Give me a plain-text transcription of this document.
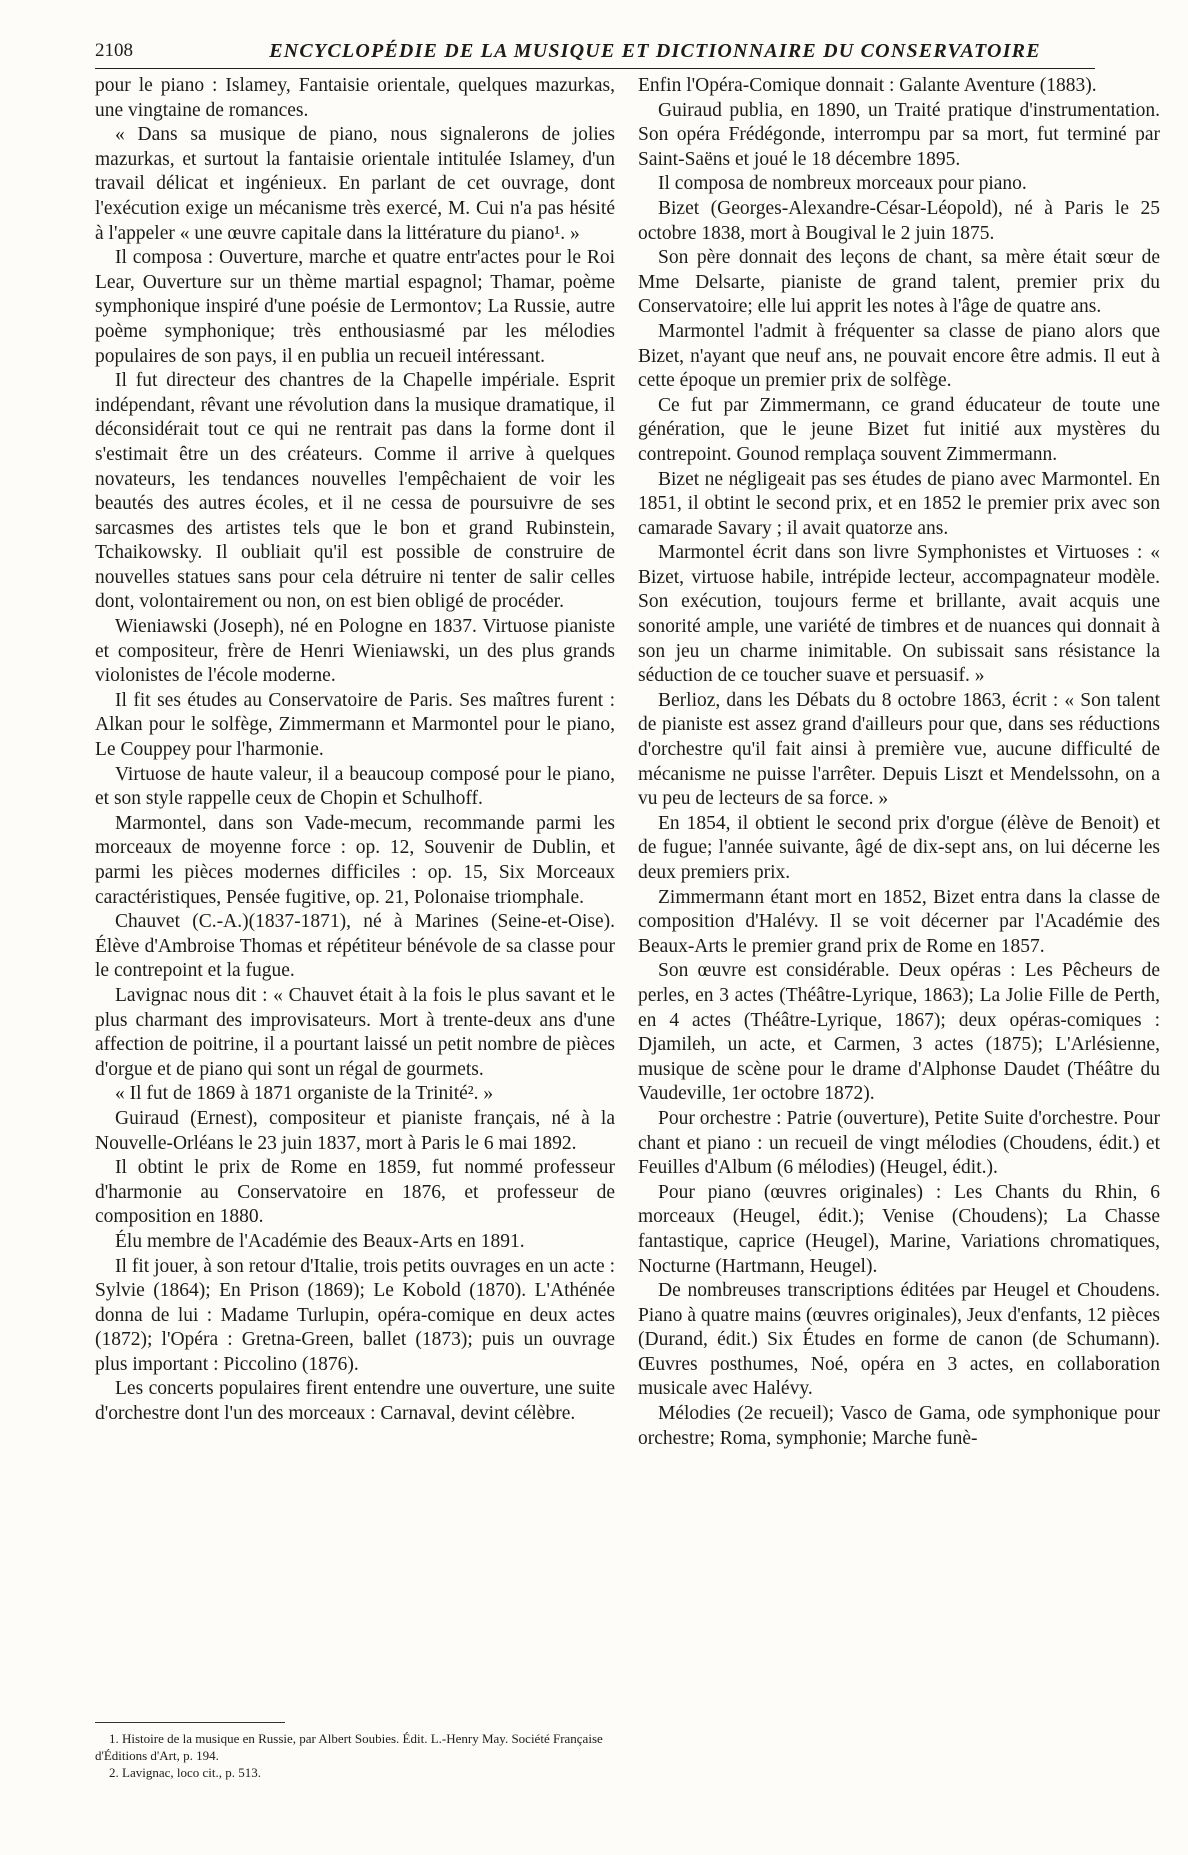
2108	ENCYCLOPÉDIE DE LA MUSIQUE ET DICTIONNAIRE DU CONSERVATOIRE

pour le piano : Islamey, Fantaisie orientale, quelques mazurkas, une vingtaine de romances.

« Dans sa musique de piano, nous signalerons de jolies mazurkas, et surtout la fantaisie orientale intitulée Islamey, d'un travail délicat et ingénieux. En parlant de cet ouvrage, dont l'exécution exige un mécanisme très exercé, M. Cui n'a pas hésité à l'appeler « une œuvre capitale dans la littérature du piano¹. »

Il composa : Ouverture, marche et quatre entr'actes pour le Roi Lear, Ouverture sur un thème martial espagnol; Thamar, poème symphonique inspiré d'une poésie de Lermontov; La Russie, autre poème symphonique; très enthousiasmé par les mélodies populaires de son pays, il en publia un recueil intéressant.

Il fut directeur des chantres de la Chapelle impériale. Esprit indépendant, rêvant une révolution dans la musique dramatique, il déconsidérait tout ce qui ne rentrait pas dans la forme dont il s'estimait être un des créateurs. Comme il arrive à quelques novateurs, les tendances nouvelles l'empêchaient de voir les beautés des autres écoles, et il ne cessa de poursuivre de ses sarcasmes des artistes tels que le bon et grand Rubinstein, Tchaikowsky. Il oubliait qu'il est possible de construire de nouvelles statues sans pour cela détruire ni tenter de salir celles dont, volontairement ou non, on est bien obligé de procéder.

Wieniawski (Joseph), né en Pologne en 1837. Virtuose pianiste et compositeur, frère de Henri Wieniawski, un des plus grands violonistes de l'école moderne.

Il fit ses études au Conservatoire de Paris. Ses maîtres furent : Alkan pour le solfège, Zimmermann et Marmontel pour le piano, Le Couppey pour l'harmonie.

Virtuose de haute valeur, il a beaucoup composé pour le piano, et son style rappelle ceux de Chopin et Schulhoff.

Marmontel, dans son Vade-mecum, recommande parmi les morceaux de moyenne force : op. 12, Souvenir de Dublin, et parmi les pièces modernes difficiles : op. 15, Six Morceaux caractéristiques, Pensée fugitive, op. 21, Polonaise triomphale.

Chauvet (C.-A.)(1837-1871), né à Marines (Seine-et-Oise). Élève d'Ambroise Thomas et répétiteur bénévole de sa classe pour le contrepoint et la fugue.

Lavignac nous dit : « Chauvet était à la fois le plus savant et le plus charmant des improvisateurs. Mort à trente-deux ans d'une affection de poitrine, il a pourtant laissé un petit nombre de pièces d'orgue et de piano qui sont un régal de gourmets.

« Il fut de 1869 à 1871 organiste de la Trinité². »

Guiraud (Ernest), compositeur et pianiste français, né à la Nouvelle-Orléans le 23 juin 1837, mort à Paris le 6 mai 1892.

Il obtint le prix de Rome en 1859, fut nommé professeur d'harmonie au Conservatoire en 1876, et professeur de composition en 1880.

Élu membre de l'Académie des Beaux-Arts en 1891.

Il fit jouer, à son retour d'Italie, trois petits ouvrages en un acte : Sylvie (1864); En Prison (1869); Le Kobold (1870). L'Athénée donna de lui : Madame Turlupin, opéra-comique en deux actes (1872); l'Opéra : Gretna-Green, ballet (1873); puis un ouvrage plus important : Piccolino (1876).

Les concerts populaires firent entendre une ouverture, une suite d'orchestre dont l'un des morceaux : Carnaval, devint célèbre.

1. Histoire de la musique en Russie, par Albert Soubies. Édit. L.-Henry May. Société Française d'Éditions d'Art, p. 194.

2. Lavignac, loco cit., p. 513.

Enfin l'Opéra-Comique donnait : Galante Aventure (1883).

Guiraud publia, en 1890, un Traité pratique d'instrumentation. Son opéra Frédégonde, interrompu par sa mort, fut terminé par Saint-Saëns et joué le 18 décembre 1895.

Il composa de nombreux morceaux pour piano.

Bizet (Georges-Alexandre-César-Léopold), né à Paris le 25 octobre 1838, mort à Bougival le 2 juin 1875.

Son père donnait des leçons de chant, sa mère était sœur de Mme Delsarte, pianiste de grand talent, premier prix du Conservatoire; elle lui apprit les notes à l'âge de quatre ans.

Marmontel l'admit à fréquenter sa classe de piano alors que Bizet, n'ayant que neuf ans, ne pouvait encore être admis. Il eut à cette époque un premier prix de solfège.

Ce fut par Zimmermann, ce grand éducateur de toute une génération, que le jeune Bizet fut initié aux mystères du contrepoint. Gounod remplaça souvent Zimmermann.

Bizet ne négligeait pas ses études de piano avec Marmontel. En 1851, il obtint le second prix, et en 1852 le premier prix avec son camarade Savary ; il avait quatorze ans.

Marmontel écrit dans son livre Symphonistes et Virtuoses : « Bizet, virtuose habile, intrépide lecteur, accompagnateur modèle. Son exécution, toujours ferme et brillante, avait acquis une sonorité ample, une variété de timbres et de nuances qui donnait à son jeu un charme inimitable. On subissait sans résistance la séduction de ce toucher suave et persuasif. »

Berlioz, dans les Débats du 8 octobre 1863, écrit : « Son talent de pianiste est assez grand d'ailleurs pour que, dans ses réductions d'orchestre qu'il fait ainsi à première vue, aucune difficulté de mécanisme ne puisse l'arrêter. Depuis Liszt et Mendelssohn, on a vu peu de lecteurs de sa force. »

En 1854, il obtient le second prix d'orgue (élève de Benoit) et de fugue; l'année suivante, âgé de dix-sept ans, on lui décerne les deux premiers prix.

Zimmermann étant mort en 1852, Bizet entra dans la classe de composition d'Halévy. Il se voit décerner par l'Académie des Beaux-Arts le premier grand prix de Rome en 1857.

Son œuvre est considérable. Deux opéras : Les Pêcheurs de perles, en 3 actes (Théâtre-Lyrique, 1863); La Jolie Fille de Perth, en 4 actes (Théâtre-Lyrique, 1867); deux opéras-comiques : Djamileh, un acte, et Carmen, 3 actes (1875); L'Arlésienne, musique de scène pour le drame d'Alphonse Daudet (Théâtre du Vaudeville, 1er octobre 1872).

Pour orchestre : Patrie (ouverture), Petite Suite d'orchestre. Pour chant et piano : un recueil de vingt mélodies (Choudens, édit.) et Feuilles d'Album (6 mélodies) (Heugel, édit.).

Pour piano (œuvres originales) : Les Chants du Rhin, 6 morceaux (Heugel, édit.); Venise (Choudens); La Chasse fantastique, caprice (Heugel), Marine, Variations chromatiques, Nocturne (Hartmann, Heugel).

De nombreuses transcriptions éditées par Heugel et Choudens. Piano à quatre mains (œuvres originales), Jeux d'enfants, 12 pièces (Durand, édit.) Six Études en forme de canon (de Schumann). Œuvres posthumes, Noé, opéra en 3 actes, en collaboration musicale avec Halévy.

Mélodies (2e recueil); Vasco de Gama, ode symphonique pour orchestre; Roma, symphonie; Marche funè-
